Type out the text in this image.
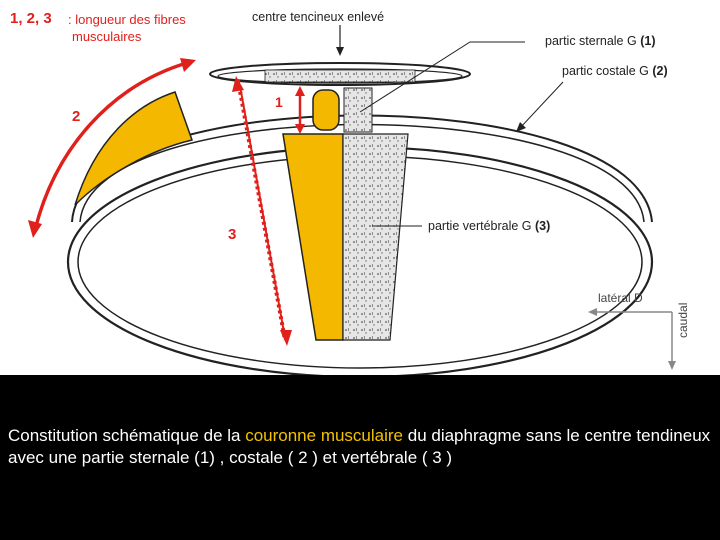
1, 2, 3 : longueur des fibres
musculaires
centre tencineux enlevé
partic sternale G (1)
partic costale G (2)
partie vertébrale G (3)
latéral D
caudal
1
2
3
Constitution schématique de la couronne musculaire du diaphragme sans le centre tendineux avec une partie sternale (1) , costale ( 2 ) et vertébrale ( 3 )
